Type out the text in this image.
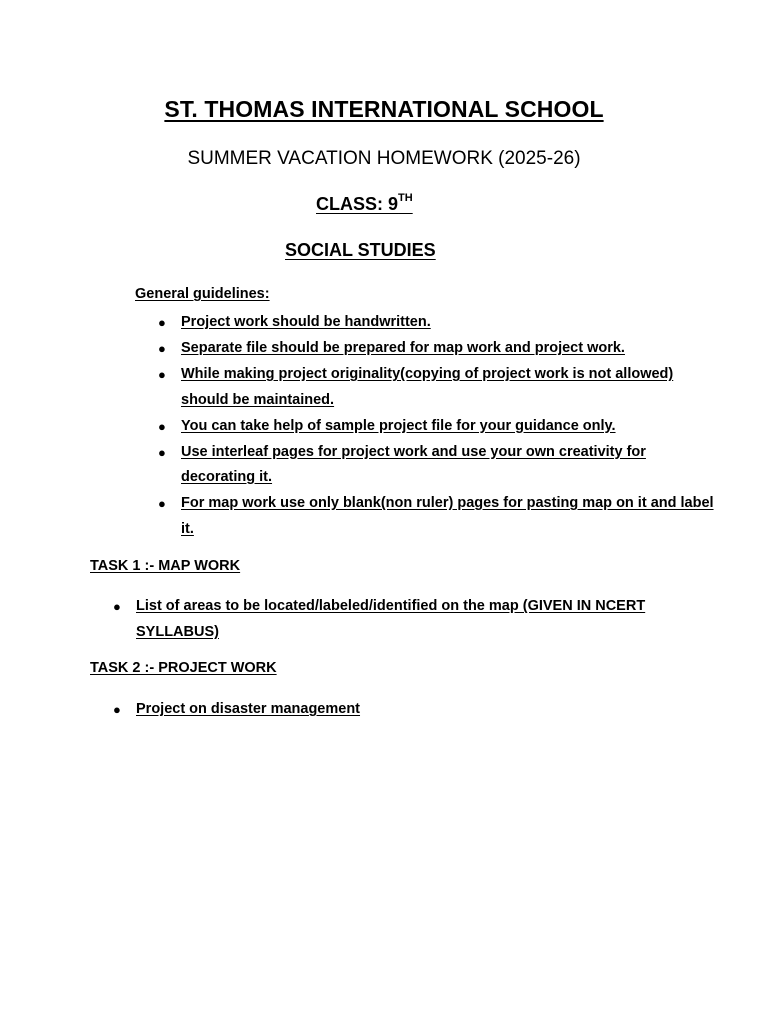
ST. THOMAS INTERNATIONAL SCHOOL
SUMMER VACATION HOMEWORK (2025-26)
CLASS: 9TH
SOCIAL STUDIES
General guidelines:
● Project work should be handwritten.
● Separate file should be prepared for map work and project work.
● While making project originality(copying of project work is not allowed) should be maintained.
● You can take help of sample project file for your guidance only.
● Use interleaf pages for project work and use your own creativity for decorating it.
● For map work use only blank(non ruler) pages for pasting map on it and label it.
TASK 1 :- MAP WORK
● List of areas to be located/labeled/identified on the map (GIVEN IN NCERT SYLLABUS)
TASK 2 :- PROJECT WORK
● Project on disaster management
